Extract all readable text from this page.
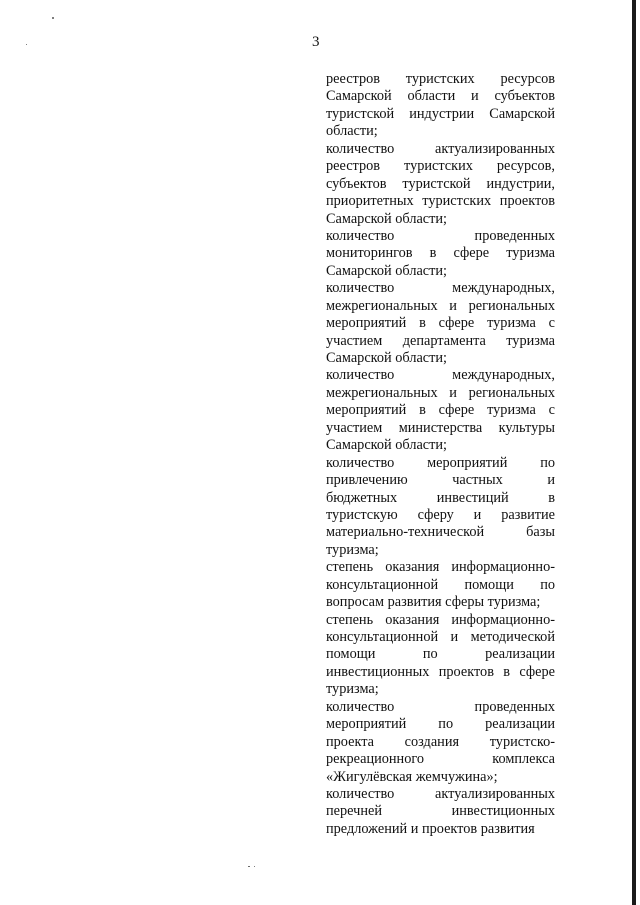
3
реестров туристских ресурсов
Самарской области и субъектов
туристской индустрии Самарской
области;
количество актуализированных
реестров туристских ресурсов,
субъектов туристской индустрии,
приоритетных туристских проектов
Самарской области;
количество проведенных
мониторингов в сфере туризма
Самарской области;
количество международных,
межрегиональных и региональных
мероприятий в сфере туризма с
участием департамента туризма
Самарской области;
количество международных,
межрегиональных и региональных
мероприятий в сфере туризма с
участием министерства культуры
Самарской области;
количество мероприятий по
привлечению частных и
бюджетных инвестиций в
туристскую сферу и развитие
материально-технической базы
туризма;
степень оказания информационно-
консультационной помощи по
вопросам развития сферы туризма;
степень оказания информационно-
консультационной и методической
помощи по реализации
инвестиционных проектов в сфере
туризма;
количество проведенных
мероприятий по реализации
проекта создания туристско-
рекреационного комплекса
«Жигулёвская жемчужина»;
количество актуализированных
перечней инвестиционных
предложений и проектов развития
